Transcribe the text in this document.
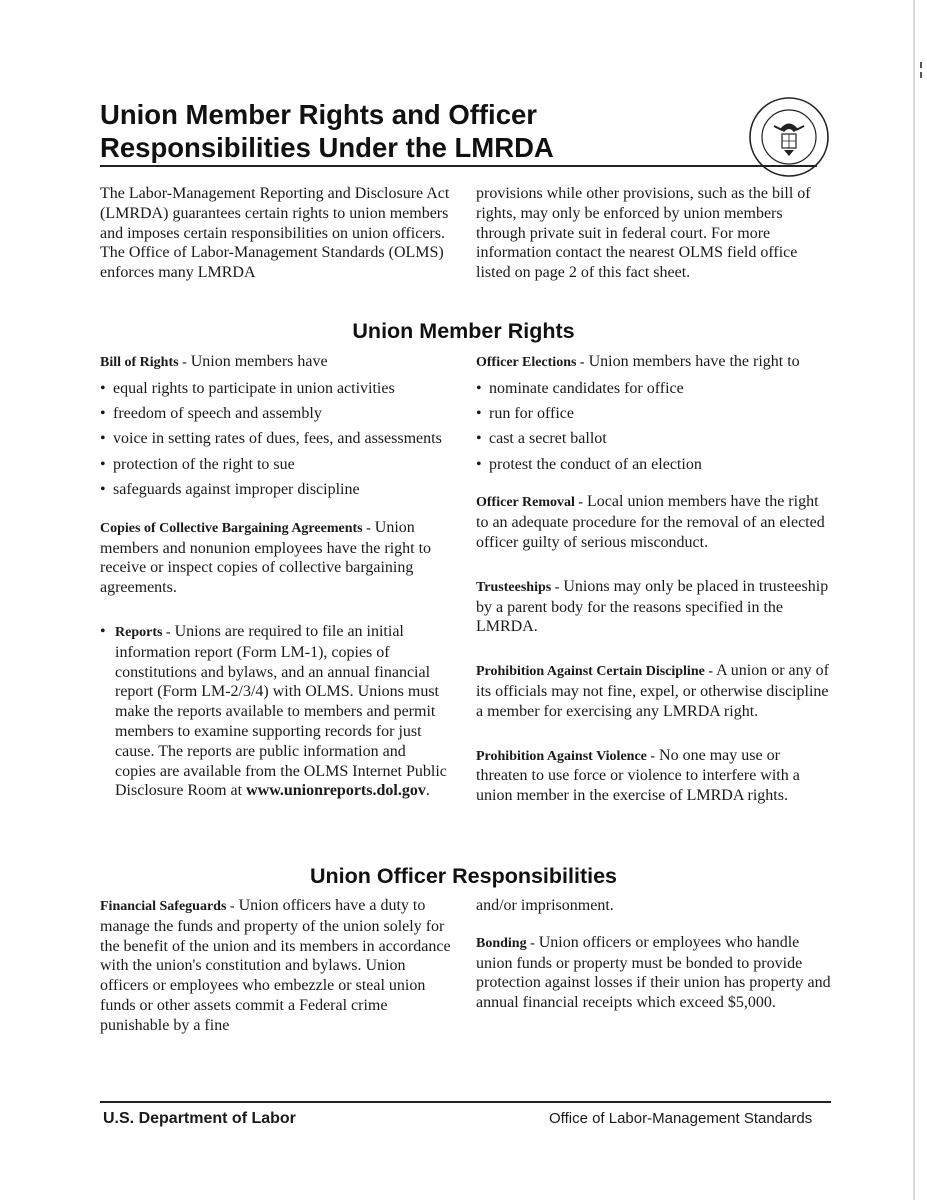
Union Member Rights and Officer
Responsibilities Under the LMRDA

The Labor-Management Reporting and Disclosure Act (LMRDA) guarantees certain rights to union members and imposes certain responsibilities on union officers. The Office of Labor-Management Standards (OLMS) enforces many LMRDA

provisions while other provisions, such as the bill of rights, may only be enforced by union members through private suit in federal court. For more information contact the nearest OLMS field office listed on page 2 of this fact sheet.

Union Member Rights

Bill of Rights - Union members have

• equal rights to participate in union activities
• freedom of speech and assembly
• voice in setting rates of dues, fees, and assessments
• protection of the right to sue
• safeguards against improper discipline

Copies of Collective Bargaining Agreements - Union members and nonunion employees have the right to receive or inspect copies of collective bargaining agreements.

• Reports - Unions are required to file an initial information report (Form LM-1), copies of constitutions and bylaws, and an annual financial report (Form LM-2/3/4) with OLMS. Unions must make the reports available to members and permit members to examine supporting records for just cause. The reports are public information and copies are available from the OLMS Internet Public Disclosure Room at www.unionreports.dol.gov.

Officer Elections - Union members have the right to

• nominate candidates for office
• run for office
• cast a secret ballot
• protest the conduct of an election

Officer Removal - Local union members have the right to an adequate procedure for the removal of an elected officer guilty of serious misconduct.

Trusteeships - Unions may only be placed in trusteeship by a parent body for the reasons specified in the LMRDA.

Prohibition Against Certain Discipline - A union or any of its officials may not fine, expel, or otherwise discipline a member for exercising any LMRDA right.

Prohibition Against Violence - No one may use or threaten to use force or violence to interfere with a union member in the exercise of LMRDA rights.

Union Officer Responsibilities

Financial Safeguards - Union officers have a duty to manage the funds and property of the union solely for the benefit of the union and its members in accordance with the union's constitution and bylaws. Union officers or employees who embezzle or steal union funds or other assets commit a Federal crime punishable by a fine

and/or imprisonment.

Bonding - Union officers or employees who handle union funds or property must be bonded to provide protection against losses if their union has property and annual financial receipts which exceed $5,000.

U.S. Department of Labor	Office of Labor-Management Standards
